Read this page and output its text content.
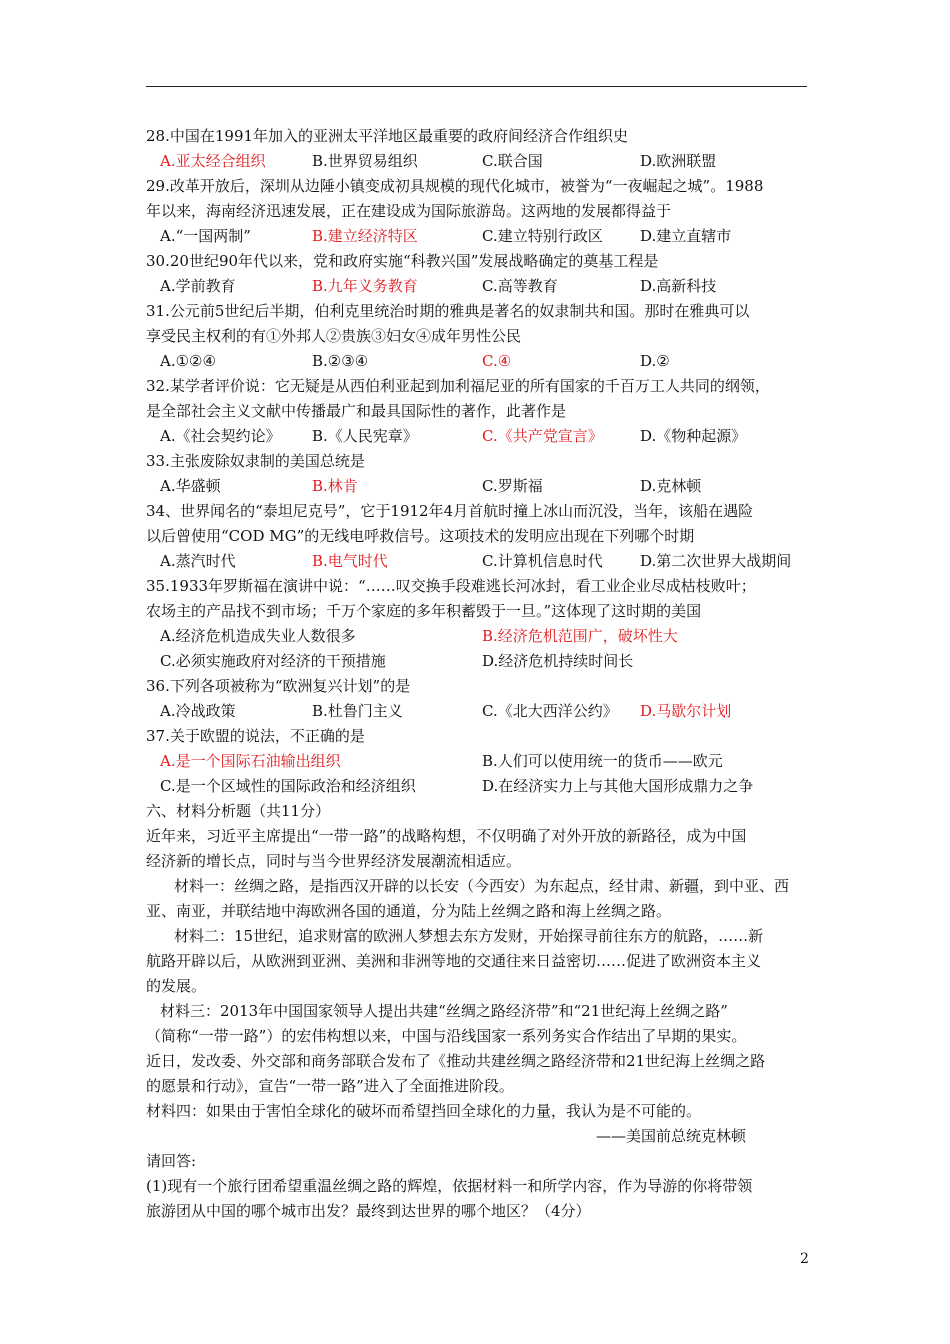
28.中国在1991年加入的亚洲太平洋地区最重要的政府间经济合作组织史
A.亚太经合组织	B.世界贸易组织	C.联合国	D.欧洲联盟
29.改革开放后，深圳从边陲小镇变成初具规模的现代化城市，被誉为“一夜崛起之城”。1988
年以来，海南经济迅速发展，正在建设成为国际旅游岛。这两地的发展都得益于
A.“一国两制”	B.建立经济特区	C.建立特别行政区	D.建立直辖市
30.20世纪90年代以来，党和政府实施“科教兴国”发展战略确定的奠基工程是
A.学前教育	B.九年义务教育	C.高等教育	D.高新科技
31.公元前5世纪后半期，伯利克里统治时期的雅典是著名的奴隶制共和国。那时在雅典可以
享受民主权利的有①外邦人②贵族③妇女④成年男性公民
A.①②④	B.②③④	C.④	D.②
32.某学者评价说：它无疑是从西伯利亚起到加利福尼亚的所有国家的千百万工人共同的纲领，
是全部社会主义文献中传播最广和最具国际性的著作，此著作是
A.《社会契约论》	B.《人民宪章》	C.《共产党宣言》	D.《物种起源》
33.主张废除奴隶制的美国总统是
A.华盛顿	B.林肯	C.罗斯福	D.克林顿
34、世界闻名的“泰坦尼克号”，它于1912年4月首航时撞上冰山而沉没，当年，该船在遇险
以后曾使用“COD MG”的无线电呼救信号。这项技术的发明应出现在下列哪个时期
A.蒸汽时代	B.电气时代	C.计算机信息时代	D.第二次世界大战期间
35.1933年罗斯福在演讲中说：“……叹交换手段难逃长河冰封，看工业企业尽成枯枝败叶；
农场主的产品找不到市场；千万个家庭的多年积蓄毁于一旦。”这体现了这时期的美国
A.经济危机造成失业人数很多	B.经济危机范围广，破坏性大
C.必须实施政府对经济的干预措施	D.经济危机持续时间长
36.下列各项被称为“欧洲复兴计划”的是
A.冷战政策	B.杜鲁门主义	C.《北大西洋公约》	D.马歇尔计划
37.关于欧盟的说法，不正确的是
A.是一个国际石油输出组织	B.人们可以使用统一的货币——欧元
C.是一个区域性的国际政治和经济组织	D.在经济实力上与其他大国形成鼎力之争
六、材料分析题（共11分）
近年来，习近平主席提出“一带一路”的战略构想，不仅明确了对外开放的新路径，成为中国
经济新的增长点，同时与当今世界经济发展潮流相适应。
材料一：丝绸之路，是指西汉开辟的以长安（今西安）为东起点，经甘肃、新疆，到中亚、西
亚、南亚，并联结地中海欧洲各国的通道，分为陆上丝绸之路和海上丝绸之路。
材料二：15世纪，追求财富的欧洲人梦想去东方发财，开始探寻前往东方的航路，……新
航路开辟以后，从欧洲到亚洲、美洲和非洲等地的交通往来日益密切……促进了欧洲资本主义
的发展。
材料三：2013年中国国家领导人提出共建“丝绸之路经济带”和“21世纪海上丝绸之路”
（简称“一带一路”）的宏伟构想以来，中国与沿线国家一系列务实合作结出了早期的果实。
近日，发改委、外交部和商务部联合发布了《推动共建丝绸之路经济带和21世纪海上丝绸之路
的愿景和行动》，宣告“一带一路”进入了全面推进阶段。
材料四：如果由于害怕全球化的破坏而希望挡回全球化的力量，我认为是不可能的。
——美国前总统克林顿
请回答:
(1)现有一个旅行团希望重温丝绸之路的辉煌，依据材料一和所学内容，作为导游的你将带领
旅游团从中国的哪个城市出发？最终到达世界的哪个地区？（4分）
2
